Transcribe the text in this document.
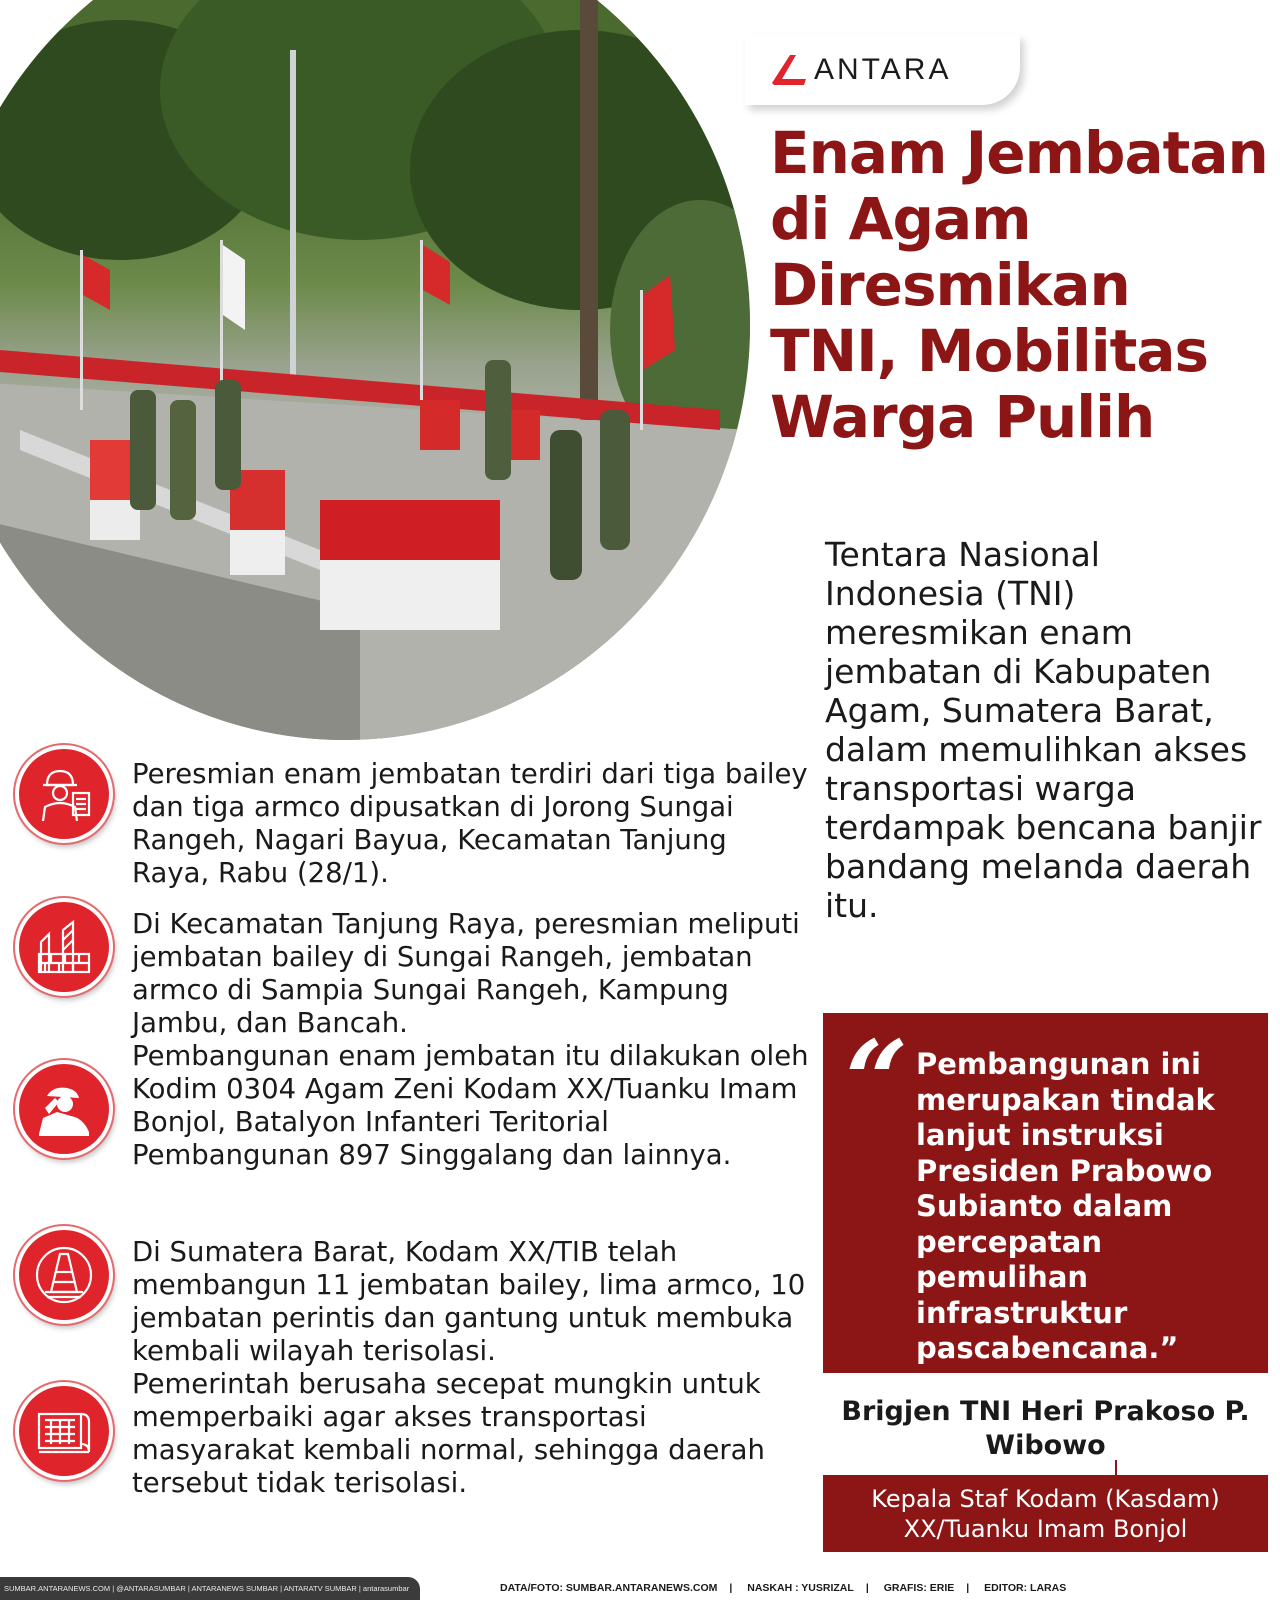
ANTARA
Enam Jembatan di Agam Diresmikan TNI, Mobilitas Warga Pulih

Tentara Nasional Indonesia (TNI) meresmikan enam jembatan di Kabupaten Agam, Sumatera Barat, dalam memulihkan akses transportasi warga terdampak bencana banjir bandang melanda daerah itu.

Peresmian enam jembatan terdiri dari tiga bailey dan tiga armco dipusatkan di Jorong Sungai Rangeh, Nagari Bayua, Kecamatan Tanjung Raya, Rabu (28/1).

Di Kecamatan Tanjung Raya, peresmian meliputi jembatan bailey di Sungai Rangeh, jembatan armco di Sampia Sungai Rangeh, Kampung Jambu, dan Bancah.

Pembangunan enam jembatan itu dilakukan oleh Kodim 0304 Agam Zeni Kodam XX/Tuanku Imam Bonjol, Batalyon Infanteri Teritorial Pembangunan 897 Singgalang dan lainnya.

Di Sumatera Barat, Kodam XX/TIB telah membangun 11 jembatan bailey, lima armco, 10 jembatan perintis dan gantung untuk membuka kembali wilayah terisolasi.

Pemerintah berusaha secepat mungkin untuk memperbaiki agar akses transportasi masyarakat kembali normal, sehingga daerah tersebut tidak terisolasi.

“ Pembangunan ini merupakan tindak lanjut instruksi Presiden Prabowo Subianto dalam percepatan pemulihan infrastruktur pascabencana.”

Brigjen TNI Heri Prakoso P. Wibowo

Kepala Staf Kodam (Kasdam) XX/Tuanku Imam Bonjol
SUMBAR.ANTARANEWS.COM | @ANTARASUMBAR | ANTARANEWS SUMBAR | ANTARATV SUMBAR | antarasumbar	DATA/FOTO: SUMBAR.ANTARANEWS.COM | NASKAH : YUSRIZAL | GRAFIS: ERIE | EDITOR: LARAS
